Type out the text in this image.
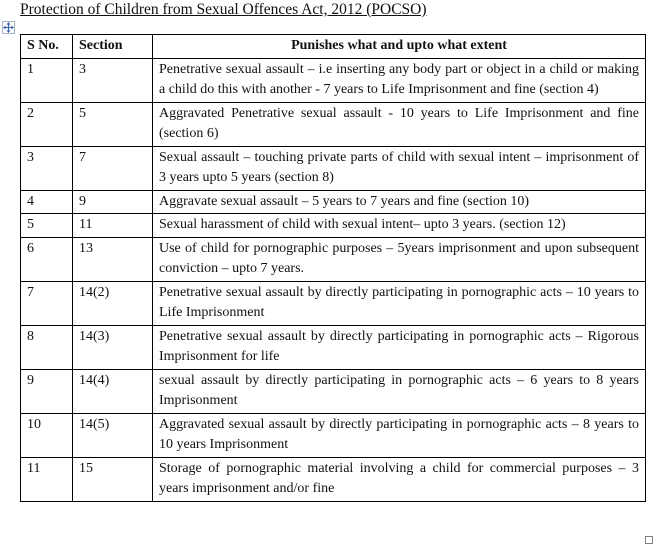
Protection of Children from Sexual Offences Act, 2012 (POCSO)
S No.	Section	Punishes what and upto what extent
1	3	Penetrative sexual assault – i.e inserting any body part or object in a child or making a child do this with another - 7 years to Life Imprisonment and fine (section 4)
2	5	Aggravated Penetrative sexual assault - 10 years to Life Imprisonment and fine (section 6)
3	7	Sexual assault – touching private parts of child with sexual intent – imprisonment of 3 years upto 5 years (section 8)
4	9	Aggravate sexual assault – 5 years to 7 years and fine (section 10)
5	11	Sexual harassment of child with sexual intent– upto 3 years. (section 12)
6	13	Use of child for pornographic purposes – 5years imprisonment and upon subsequent conviction – upto 7 years.
7	14(2)	Penetrative sexual assault by directly participating in pornographic acts – 10 years to Life Imprisonment
8	14(3)	Penetrative sexual assault by directly participating in pornographic acts – Rigorous Imprisonment for life
9	14(4)	sexual assault by directly participating in pornographic acts – 6 years to 8 years Imprisonment
10	14(5)	Aggravated sexual assault by directly participating in pornographic acts – 8 years to 10 years Imprisonment
11	15	Storage of pornographic material involving a child for commercial purposes – 3 years imprisonment and/or fine
